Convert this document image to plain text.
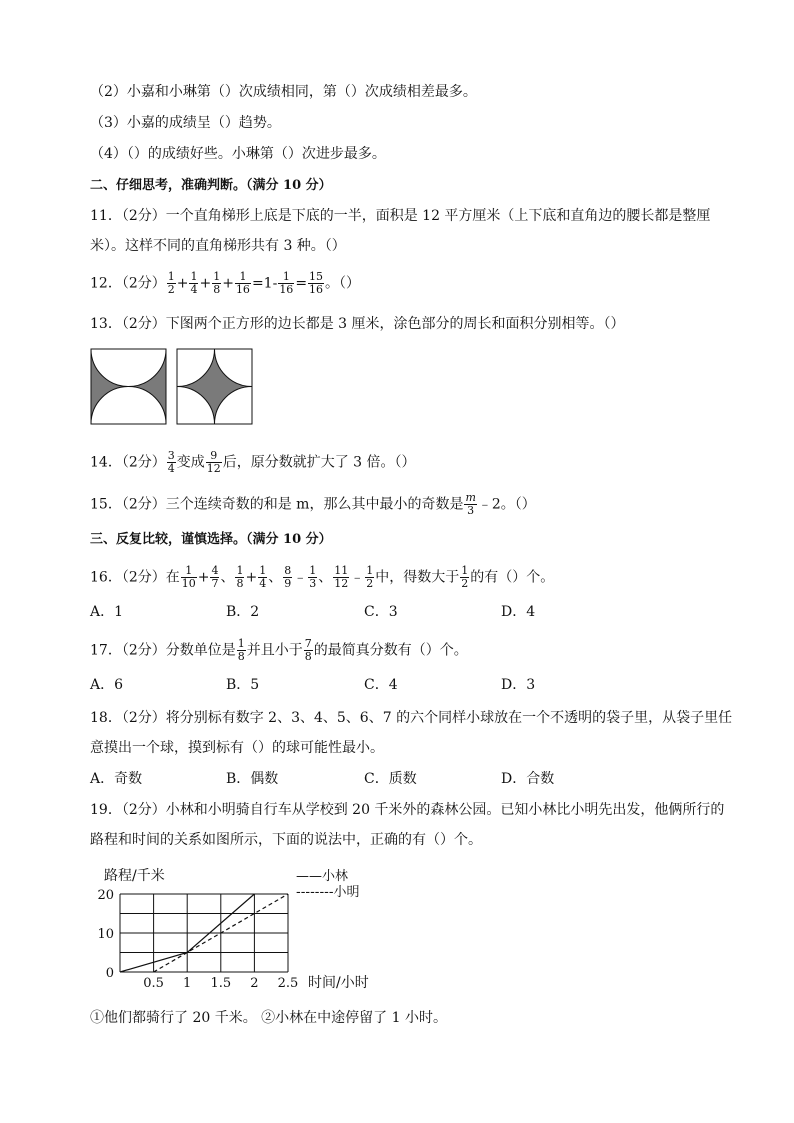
（2）小嘉和小琳第（）次成绩相同，第（）次成绩相差最多。
（3）小嘉的成绩呈（）趋势。
（4）（）的成绩好些。小琳第（）次进步最多。
二、仔细思考，准确判断。（满分 10 分）
11．（2分）一个直角梯形上底是下底的一半，面积是 12 平方厘米（上下底和直角边的腰长都是整厘
米）。这样不同的直角梯形共有 3 种。（）
12．（2分） $\frac{1}{2} + \frac{1}{4} + \frac{1}{8} + \frac{1}{16} =1- \frac{1}{16} = \frac{15}{16}$ 。（）
13．（2分）下图两个正方形的边长都是 3 厘米，涂色部分的周长和面积分别相等。（）
14．（2分） $\frac{3}{4}$ 变成 $\frac{9}{12}$ 后，原分数就扩大了 3 倍。（）
15．（2分）三个连续奇数的和是 m，那么其中最小的奇数是 $\frac{m}{3}$ ﹣2。（）
三、反复比较，谨慎选择。（满分 10 分）
16．（2分）在 $\frac{1}{10} + \frac{4}{7}$ 、 $\frac{1}{8} + \frac{1}{4}$ 、 $\frac{8}{9}$ ﹣ $\frac{1}{3}$ 、 $\frac{11}{12}$ ﹣ $\frac{1}{2}$ 中，得数大于 $\frac{1}{2}$ 的有（）个。
A．1	B．2	C．3	D．4
17．（2分）分数单位是 $\frac{1}{8}$ 并且小于 $\frac{7}{8}$ 的最简真分数有（）个。
A．6	B．5	C．4	D．3
18．（2分）将分别标有数字 2、3、4、5、6、7 的六个同样小球放在一个不透明的袋子里，从袋子里任
意摸出一个球，摸到标有（）的球可能性最小。
A．奇数	B．偶数	C．质数	D．合数
19．（2分）小林和小明骑自行车从学校到 20 千米外的森林公园。已知小林比小明先出发，他俩所行的
路程和时间的关系如图所示，下面的说法中，正确的有（）个。
路程/千米	——小林
--------小明
0.5 1 1.5 2 2.5
0
10
20
时间/小时
①他们都骑行了 20 千米。 ②小林在中途停留了 1 小时。
